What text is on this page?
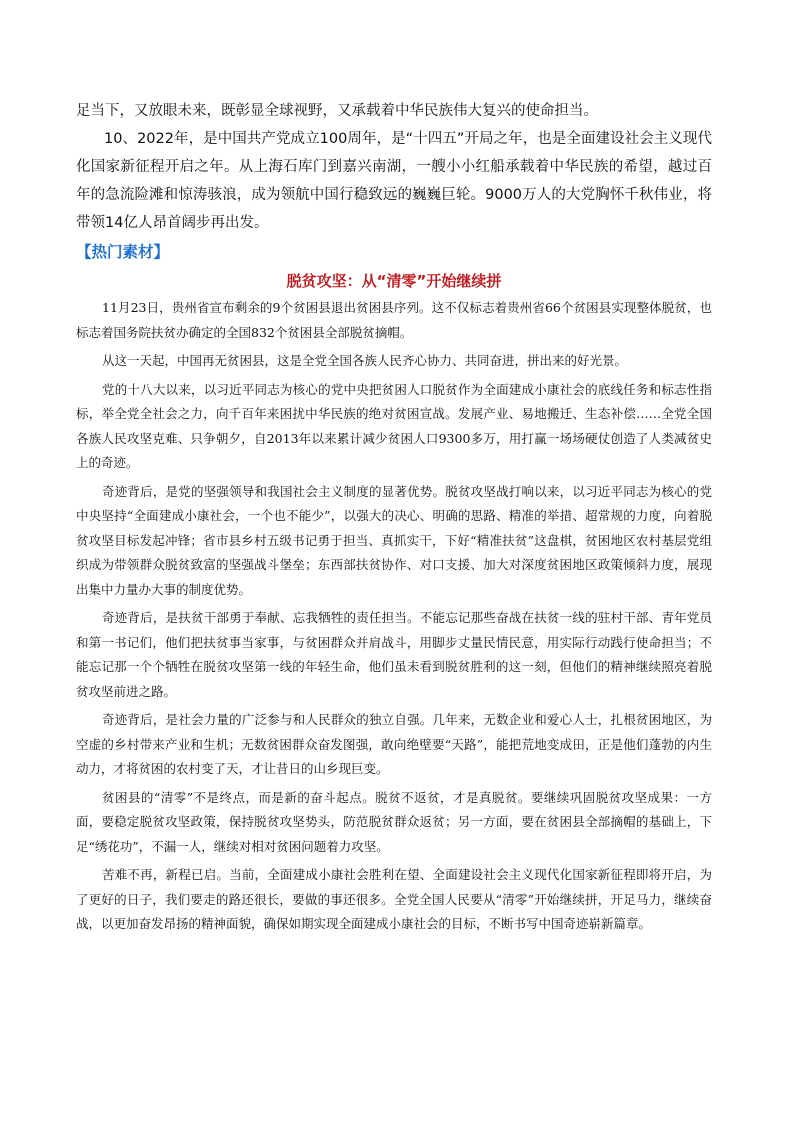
足当下，又放眼未来，既彰显全球视野，又承载着中华民族伟大复兴的使命担当。

10、2022年，是中国共产党成立100周年，是“十四五”开局之年，也是全面建设社会主义现代化国家新征程开启之年。从上海石库门到嘉兴南湖，一艘小小红船承载着中华民族的希望，越过百年的急流险滩和惊涛骇浪，成为领航中国行稳致远的巍巍巨轮。9000万人的大党胸怀千秋伟业，将带领14亿人昂首阔步再出发。

【热门素材】
脱贫攻坚：从“清零”开始继续拼

11月23日，贵州省宣布剩余的9个贫困县退出贫困县序列。这不仅标志着贵州省66个贫困县实现整体脱贫，也标志着国务院扶贫办确定的全国832个贫困县全部脱贫摘帽。

从这一天起，中国再无贫困县，这是全党全国各族人民齐心协力、共同奋进，拼出来的好光景。

党的十八大以来，以习近平同志为核心的党中央把贫困人口脱贫作为全面建成小康社会的底线任务和标志性指标，举全党全社会之力，向千百年来困扰中华民族的绝对贫困宣战。发展产业、易地搬迁、生态补偿……全党全国各族人民攻坚克难、只争朝夕，自2013年以来累计减少贫困人口9300多万，用打赢一场场硬仗创造了人类减贫史上的奇迹。

奇迹背后，是党的坚强领导和我国社会主义制度的显著优势。脱贫攻坚战打响以来，以习近平同志为核心的党中央坚持“全面建成小康社会，一个也不能少”，以强大的决心、明确的思路、精准的举措、超常规的力度，向着脱贫攻坚目标发起冲锋；省市县乡村五级书记勇于担当、真抓实干，下好“精准扶贫”这盘棋，贫困地区农村基层党组织成为带领群众脱贫致富的坚强战斗堡垒；东西部扶贫协作、对口支援、加大对深度贫困地区政策倾斜力度，展现出集中力量办大事的制度优势。

奇迹背后，是扶贫干部勇于奉献、忘我牺牲的责任担当。不能忘记那些奋战在扶贫一线的驻村干部、青年党员和第一书记们，他们把扶贫事当家事，与贫困群众并肩战斗，用脚步丈量民情民意，用实际行动践行使命担当；不能忘记那一个个牺牲在脱贫攻坚第一线的年轻生命，他们虽未看到脱贫胜利的这一刻，但他们的精神继续照亮着脱贫攻坚前进之路。

奇迹背后，是社会力量的广泛参与和人民群众的独立自强。几年来，无数企业和爱心人士，扎根贫困地区，为空虚的乡村带来产业和生机；无数贫困群众奋发图强，敢向绝壁要“天路”，能把荒地变成田，正是他们蓬勃的内生动力，才将贫困的农村变了天，才让昔日的山乡现巨变。

贫困县的“清零”不是终点，而是新的奋斗起点。脱贫不返贫，才是真脱贫。要继续巩固脱贫攻坚成果：一方面，要稳定脱贫攻坚政策，保持脱贫攻坚势头，防范脱贫群众返贫；另一方面，要在贫困县全部摘帽的基础上，下足“绣花功”，不漏一人，继续对相对贫困问题着力攻坚。

苦难不再，新程已启。当前，全面建成小康社会胜利在望、全面建设社会主义现代化国家新征程即将开启，为了更好的日子，我们要走的路还很长，要做的事还很多。全党全国人民要从“清零”开始继续拼，开足马力，继续奋战，以更加奋发昂扬的精神面貌，确保如期实现全面建成小康社会的目标，不断书写中国奇迹崭新篇章。
